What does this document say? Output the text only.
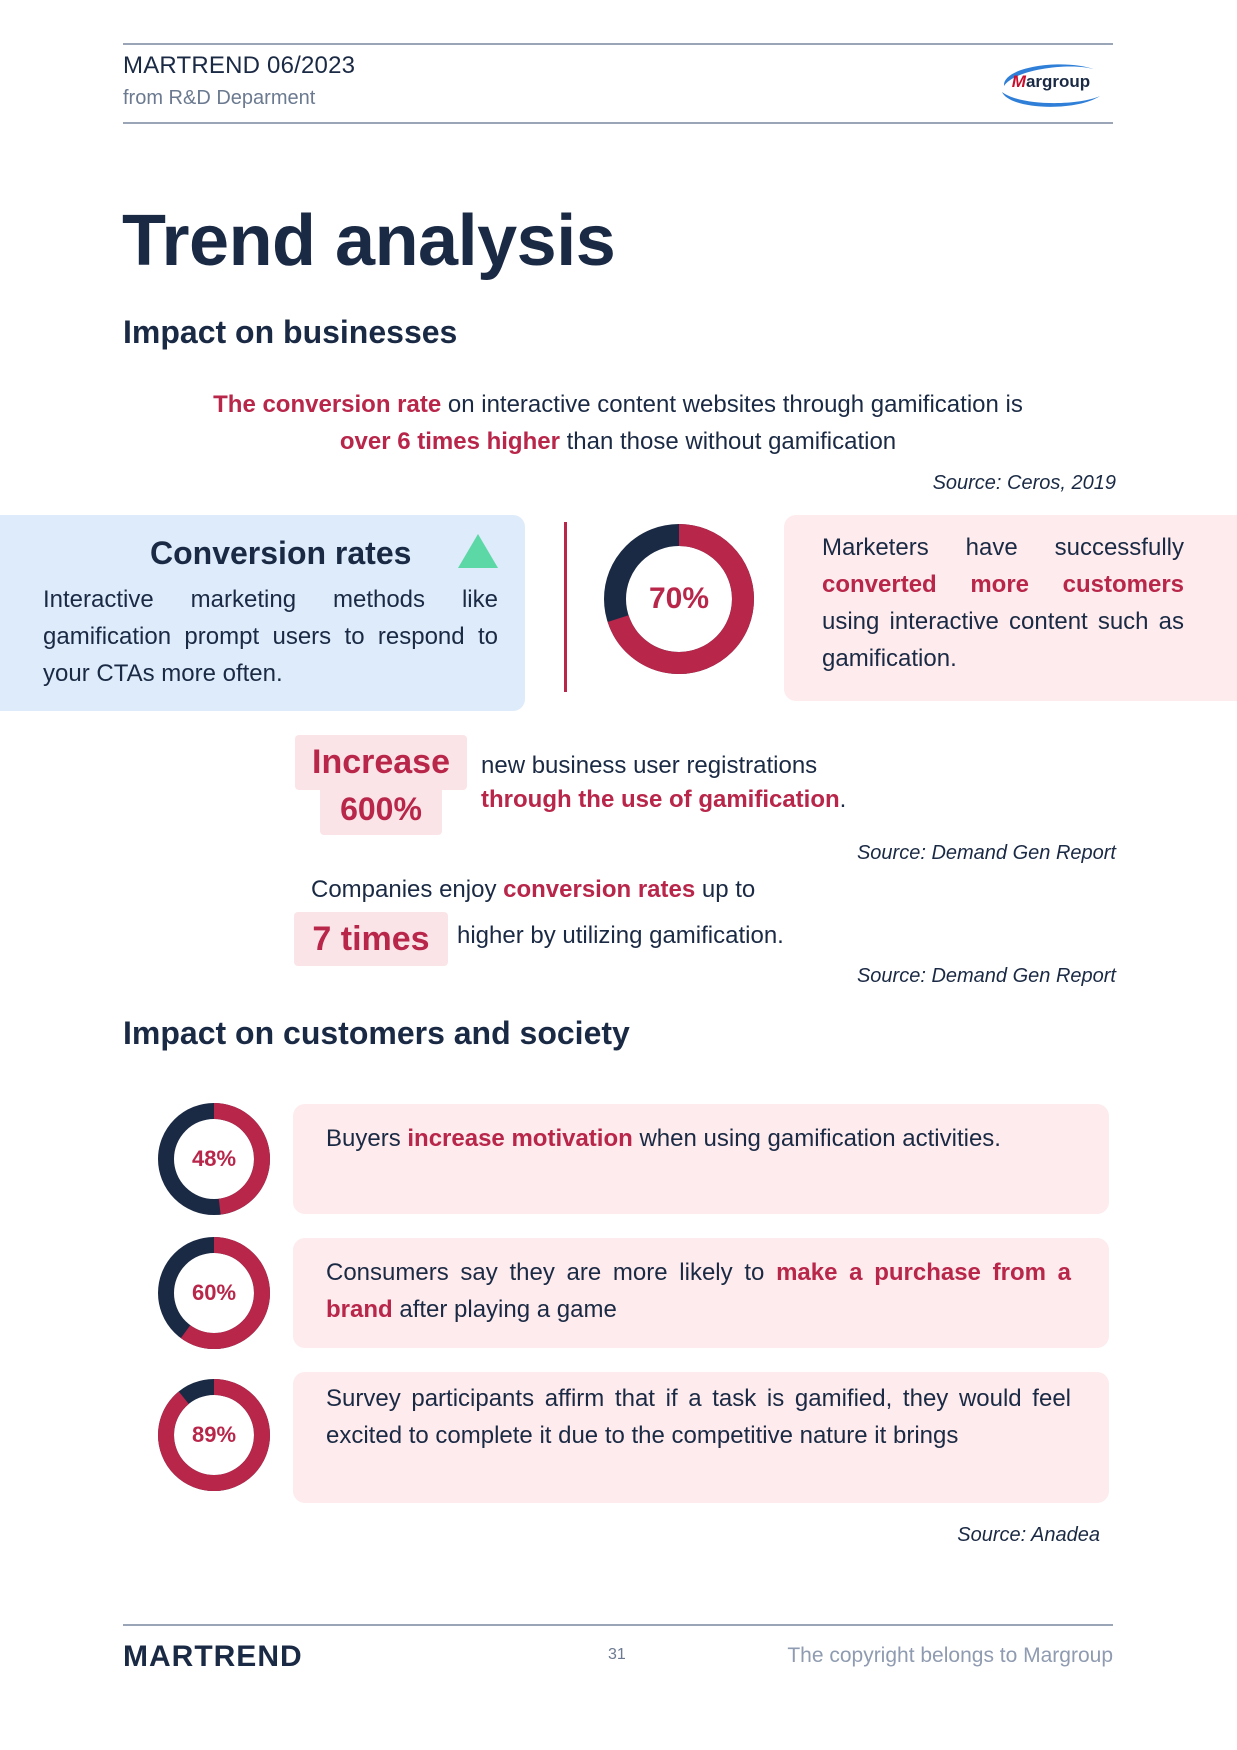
MARTREND 06/2023
from R&D Deparment
Margroup
Trend analysis
Impact on businesses
The conversion rate on interactive content websites through gamification is
over 6 times higher than those without gamification
Source: Ceros, 2019
Conversion rates
Interactive marketing methods like gamification prompt users to respond to your CTAs more often.
70%
Marketers have successfully converted more customers using interactive content such as gamification.
Increase
600%
new business user registrations
through the use of gamification.
Source: Demand Gen Report
Companies enjoy conversion rates up to
7 times	higher by utilizing gamification.
Source: Demand Gen Report
Impact on customers and society
48%
Buyers increase motivation when using gamification activities.
60%
Consumers say they are more likely to make a purchase from a brand after playing a game
89%
Survey participants affirm that if a task is gamified, they would feel excited to complete it due to the competitive nature it brings
Source: Anadea
MARTREND	31	The copyright belongs to Margroup
